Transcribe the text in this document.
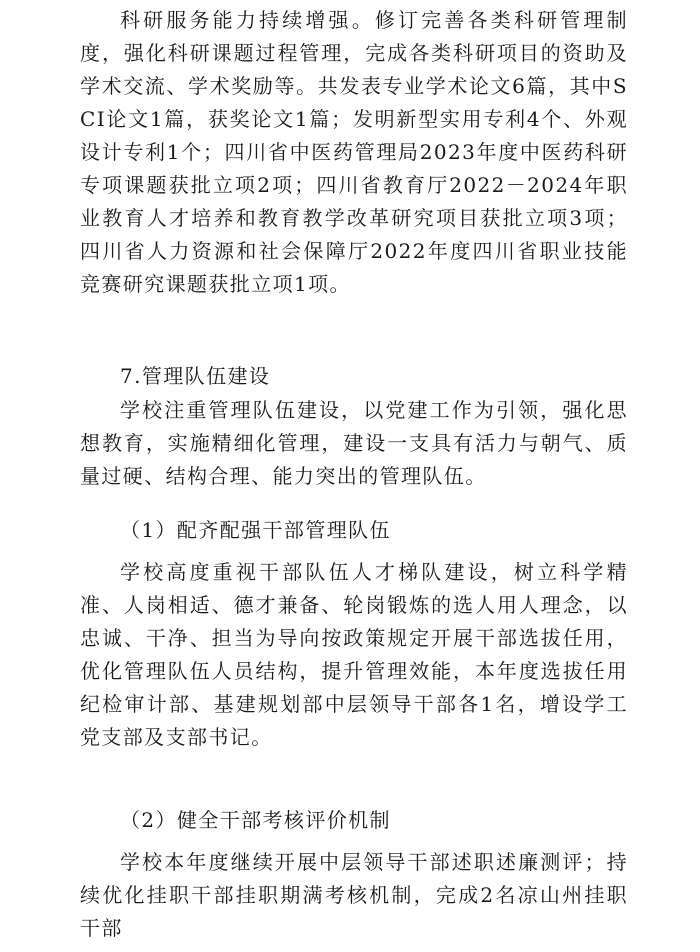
科研服务能力持续增强。修订完善各类科研管理制度，强化科研课题过程管理，完成各类科研项目的资助及学术交流、学术奖励等。共发表专业学术论文6篇，其中SCI论文1篇，获奖论文1篇；发明新型实用专利4个、外观设计专利1个；四川省中医药管理局2023年度中医药科研专项课题获批立项2项；四川省教育厅2022－2024年职业教育人才培养和教育教学改革研究项目获批立项3项；四川省人力资源和社会保障厅2022年度四川省职业技能竞赛研究课题获批立项1项。

7.管理队伍建设

学校注重管理队伍建设，以党建工作为引领，强化思想教育，实施精细化管理，建设一支具有活力与朝气、质量过硬、结构合理、能力突出的管理队伍。

（1）配齐配强干部管理队伍

学校高度重视干部队伍人才梯队建设，树立科学精准、人岗相适、德才兼备、轮岗锻炼的选人用人理念，以忠诚、干净、担当为导向按政策规定开展干部选拔任用，优化管理队伍人员结构，提升管理效能，本年度选拔任用纪检审计部、基建规划部中层领导干部各1名，增设学工党支部及支部书记。

（2）健全干部考核评价机制

学校本年度继续开展中层领导干部述职述廉测评；持续优化挂职干部挂职期满考核机制，完成2名凉山州挂职干部
